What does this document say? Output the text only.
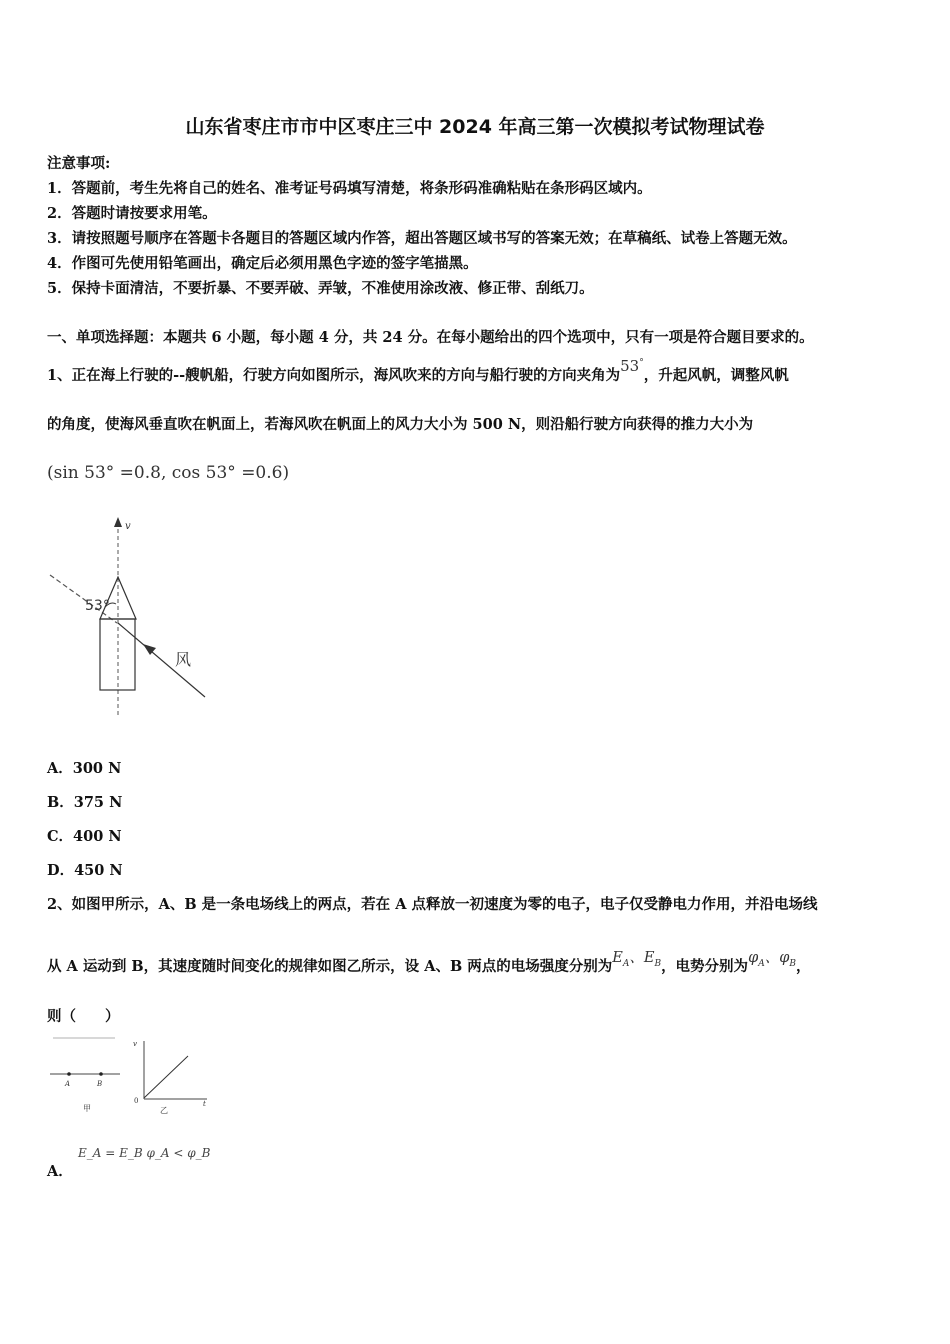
山东省枣庄市市中区枣庄三中 2024 年高三第一次模拟考试物理试卷
注意事项:
1．答题前，考生先将自己的姓名、准考证号码填写清楚，将条形码准确粘贴在条形码区域内。
2．答题时请按要求用笔。
3．请按照题号顺序在答题卡各题目的答题区域内作答，超出答题区域书写的答案无效；在草稿纸、试卷上答题无效。
4．作图可先使用铅笔画出，确定后必须用黑色字迹的签字笔描黑。
5．保持卡面清洁，不要折暴、不要弄破、弄皱，不准使用涂改液、修正带、刮纸刀。
一、单项选择题：本题共 6 小题，每小题 4 分，共 24 分。在每小题给出的四个选项中，只有一项是符合题目要求的。
1、正在海上行驶的--艘帆船，行驶方向如图所示，海风吹来的方向与船行驶的方向夹角为53°，升起风帆，调整风帆
的角度，使海风垂直吹在帆面上，若海风吹在帆面上的风力大小为 500 N，则沿船行驶方向获得的推力大小为
(sin 53° =0.8, cos 53° =0.6)
v
53°
风
A．300 N
B．375 N
C．400 N
D．450 N
2、如图甲所示，A、B 是一条电场线上的两点，若在 A 点释放一初速度为零的电子，电子仅受静电力作用，并沿电场线
从 A 运动到 B，其速度随时间变化的规律如图乙所示，设 A、B 两点的电场强度分别为$E_A$、$E_B$，电势分别为$\varphi_A$、$\varphi_B$，
则（　　）
A	B
甲
v
t
0
乙
A．
E_A = E_B φ_A < φ_B
